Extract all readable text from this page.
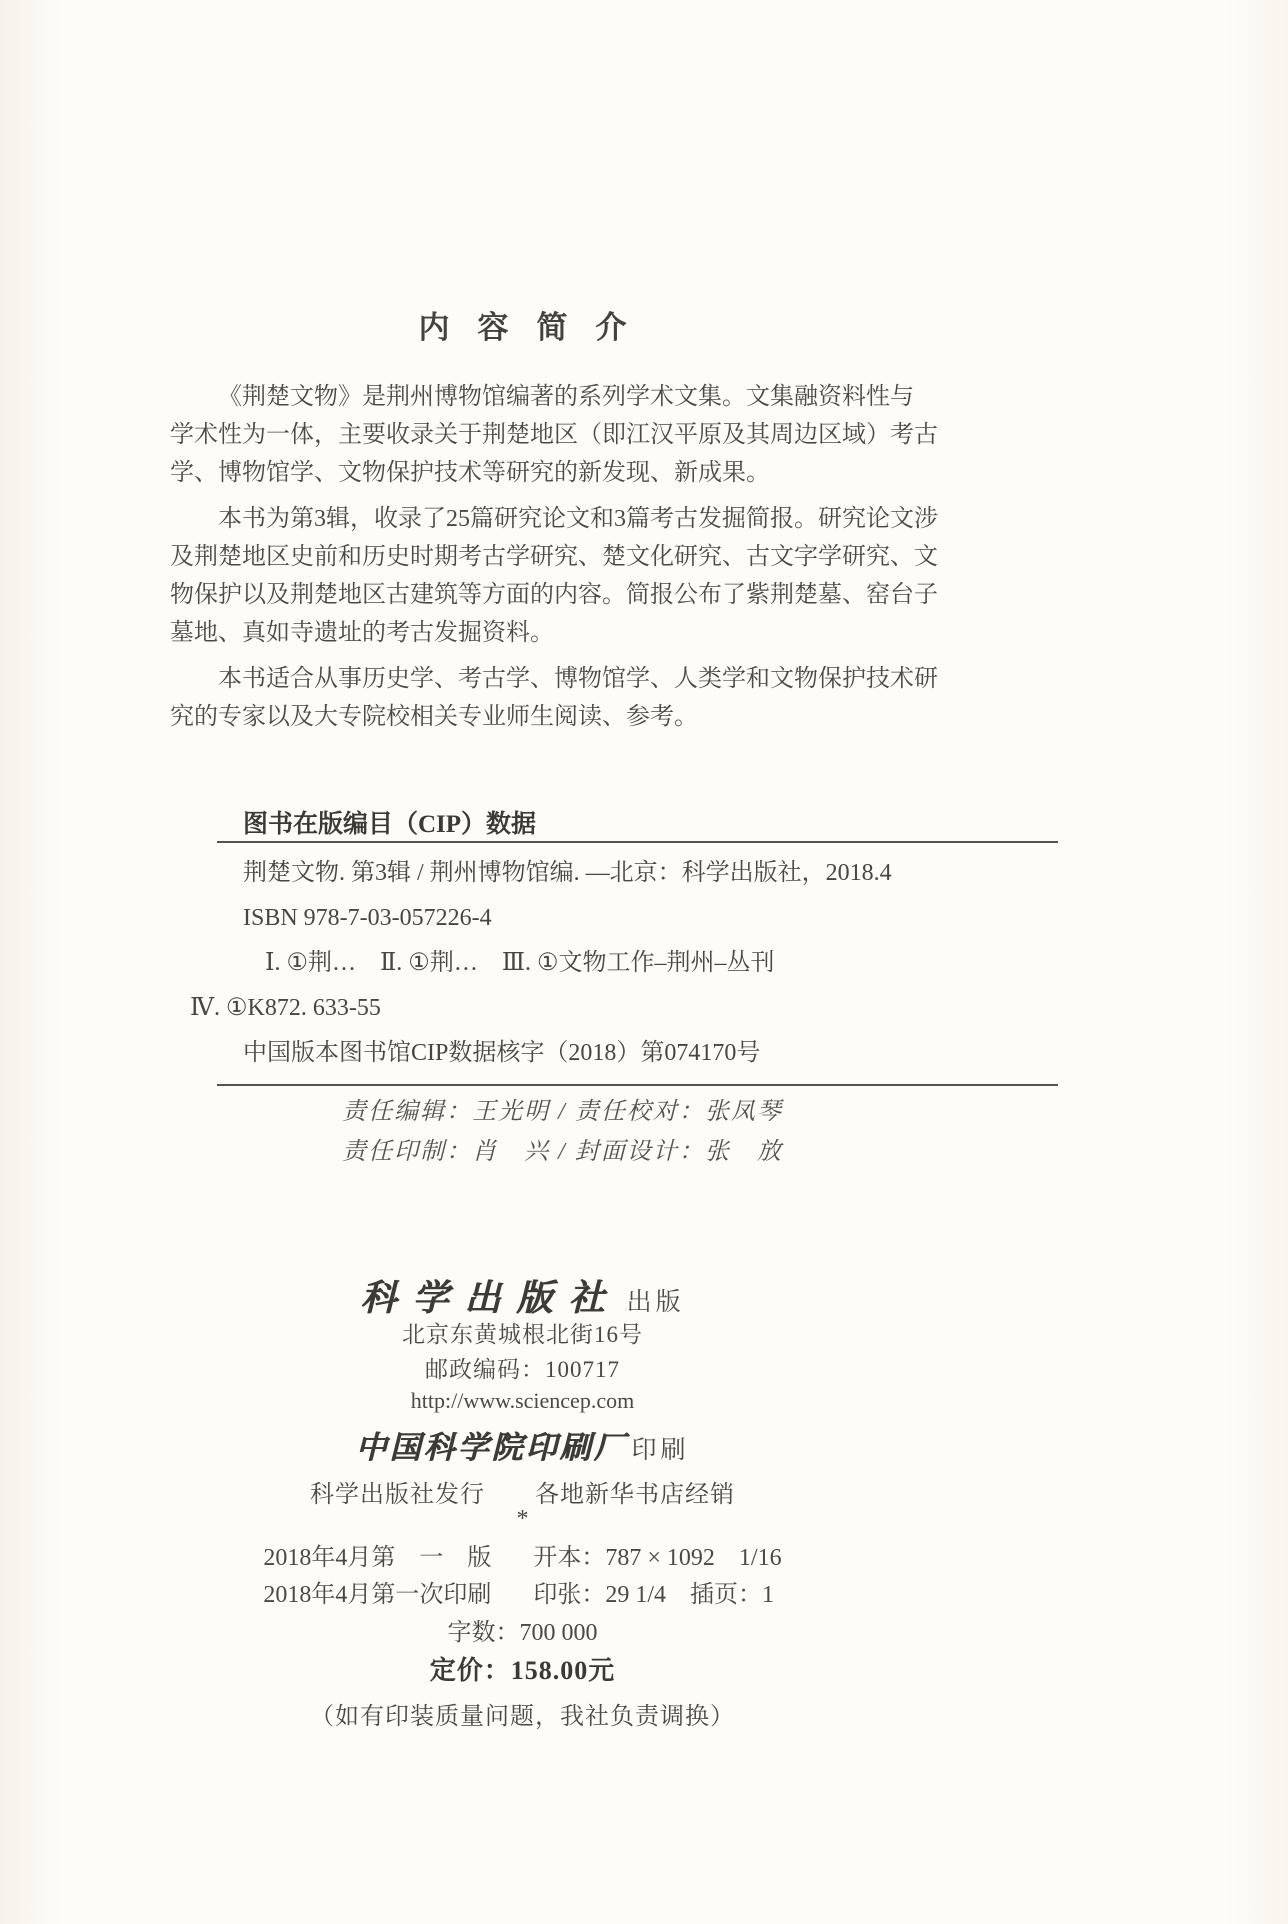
内容简介
《荆楚文物》是荆州博物馆编著的系列学术文集。文集融资料性与
学术性为一体，主要收录关于荆楚地区（即江汉平原及其周边区域）考古
学、博物馆学、文物保护技术等研究的新发现、新成果。
本书为第3辑，收录了25篇研究论文和3篇考古发掘简报。研究论文涉
及荆楚地区史前和历史时期考古学研究、楚文化研究、古文字学研究、文
物保护以及荆楚地区古建筑等方面的内容。简报公布了紫荆楚墓、窑台子
墓地、真如寺遗址的考古发掘资料。
本书适合从事历史学、考古学、博物馆学、人类学和文物保护技术研
究的专家以及大专院校相关专业师生阅读、参考。
图书在版编目（CIP）数据
荆楚文物. 第3辑 / 荆州博物馆编. —北京：科学出版社，2018.4
ISBN 978-7-03-057226-4
Ⅰ. ①荆…　Ⅱ. ①荆…　Ⅲ. ①文物工作–荆州–丛刊
Ⅳ. ①K872. 633-55
中国版本图书馆CIP数据核字（2018）第074170号
责任编辑：王光明 / 责任校对：张凤琴
责任印制：肖　兴 / 封面设计：张　放
科学出版社 出版
北京东黄城根北街16号
邮政编码：100717
http://www.sciencep.com
中国科学院印刷厂 印刷
科学出版社发行　　各地新华书店经销
*
2018年4月第　一　版 开本：787 × 1092　1/16
2018年4月第一次印刷 印张：29 1/4　插页：1
字数：700 000
定价：158.00元
（如有印装质量问题，我社负责调换）
